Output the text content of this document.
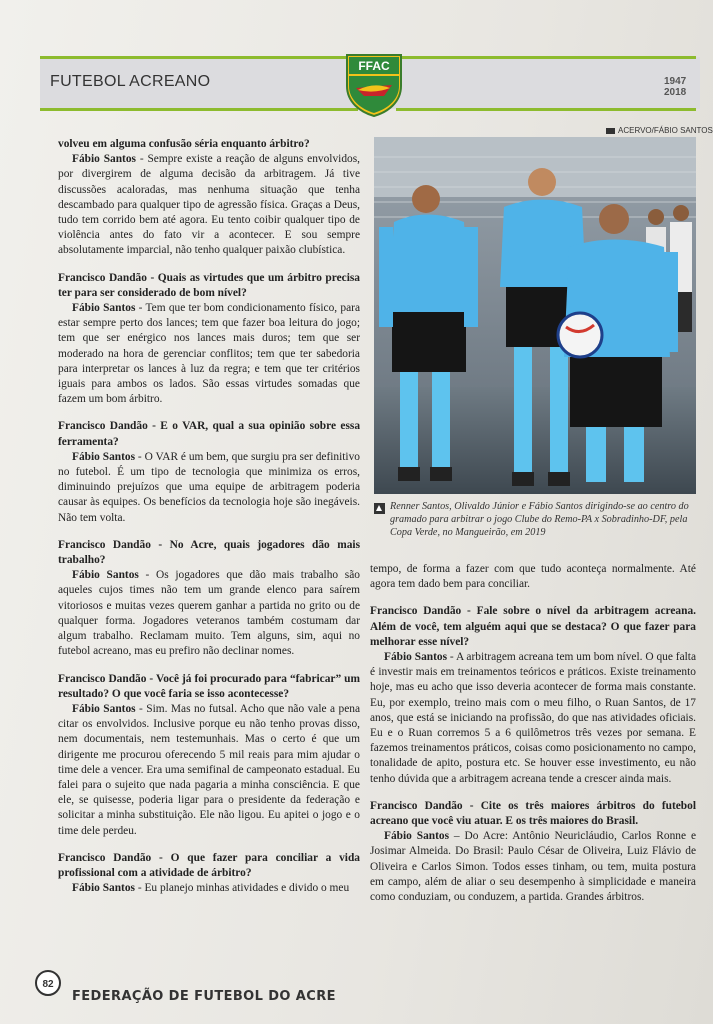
FUTEBOL ACREANO
FFAC
1947
2018
ACERVO/FÁBIO SANTOS

volveu em alguma confusão séria enquanto árbitro?

Fábio Santos - Sempre existe a reação de alguns envolvidos, por divergirem de alguma decisão da arbitragem. Já tive discussões acaloradas, mas nenhuma situação que tenha descambado para qualquer tipo de agressão física. Graças a Deus, tudo tem corrido bem até agora. Eu tento coibir qualquer tipo de violência antes do fato vir a acontecer. E sou sempre absolutamente imparcial, não tenho qualquer paixão clubística.

Francisco Dandão - Quais as virtudes que um árbitro precisa ter para ser considerado de bom nível?

Fábio Santos - Tem que ter bom condicionamento físico, para estar sempre perto dos lances; tem que fazer boa leitura do jogo; tem que ser enérgico nos lances mais duros; tem que ser moderado na hora de gerenciar conflitos; tem que ter sabedoria para interpretar os lances à luz da regra; e tem que ter critérios iguais para ambos os lados. São essas virtudes somadas que fazem um bom árbitro.

Francisco Dandão - E o VAR, qual a sua opinião sobre essa ferramenta?

Fábio Santos - O VAR é um bem, que surgiu pra ser definitivo no futebol. É um tipo de tecnologia que minimiza os erros, diminuindo prejuízos que uma equipe de arbitragem poderia causar às equipes. Os benefícios da tecnologia hoje são inegáveis. Não tem volta.

Francisco Dandão - No Acre, quais jogadores dão mais trabalho?

Fábio Santos - Os jogadores que dão mais trabalho são aqueles cujos times não tem um grande elenco para saírem vitoriosos e muitas vezes querem ganhar a partida no grito ou de qualquer forma. Jogadores veteranos também costumam dar algum trabalho. Reclamam muito. Tem alguns, sim, aqui no futebol acreano, mas eu prefiro não declinar nomes.

Francisco Dandão - Você já foi procurado para “fabricar” um resultado? O que você faria se isso acontecesse?

Fábio Santos - Sim. Mas no futsal. Acho que não vale a pena citar os envolvidos. Inclusive porque eu não tenho provas disso, nem documentais, nem testemunhais. Mas o certo é que um dirigente me procurou oferecendo 5 mil reais para mim ajudar o time dele a vencer. Era uma semifinal de campeonato estadual. Eu falei para o sujeito que nada pagaria a minha consciência. E que ele, se quisesse, poderia ligar para o presidente da federação e solicitar a minha substituição. Ele não ligou. Eu apitei o jogo e o time dele perdeu.

Francisco Dandão - O que fazer para conciliar a vida profissional com a atividade de árbitro?

Fábio Santos - Eu planejo minhas atividades e divido o meu

Renner Santos, Olivaldo Júnior e Fábio Santos dirigindo-se ao centro do gramado para arbitrar o jogo Clube do Remo-PA x Sobradinho-DF, pela Copa Verde, no Mangueirão, em 2019

tempo, de forma a fazer com que tudo aconteça normalmente. Até agora tem dado bem para conciliar.

Francisco Dandão - Fale sobre o nível da arbitragem acreana. Além de você, tem alguém aqui que se destaca? O que fazer para melhorar esse nível?

Fábio Santos - A arbitragem acreana tem um bom nível. O que falta é investir mais em treinamentos teóricos e práticos. Existe treinamento hoje, mas eu acho que isso deveria acontecer de forma mais constante. Eu, por exemplo, treino mais com o meu filho, o Ruan Santos, de 17 anos, que está se iniciando na profissão, do que nas atividades oficiais. Eu e o Ruan corremos 5 a 6 quilômetros três vezes por semana. E fazemos treinamentos práticos, coisas como posicionamento no campo, tonalidade de apito, postura etc. Se houver esse investimento, eu não tenho dúvida que a arbitragem acreana tende a crescer ainda mais.

Francisco Dandão - Cite os três maiores árbitros do futebol acreano que você viu atuar. E os três maiores do Brasil.

Fábio Santos – Do Acre: Antônio Neuricláudio, Carlos Ronne e Josimar Almeida. Do Brasil: Paulo César de Oliveira, Luiz Flávio de Oliveira e Carlos Simon. Todos esses tinham, ou tem, muita postura em campo, além de aliar o seu desempenho à simplicidade e maneira como conduziam, ou conduzem, a partida. Grandes árbitros.

82
FEDERAÇÃO DE FUTEBOL DO ACRE
